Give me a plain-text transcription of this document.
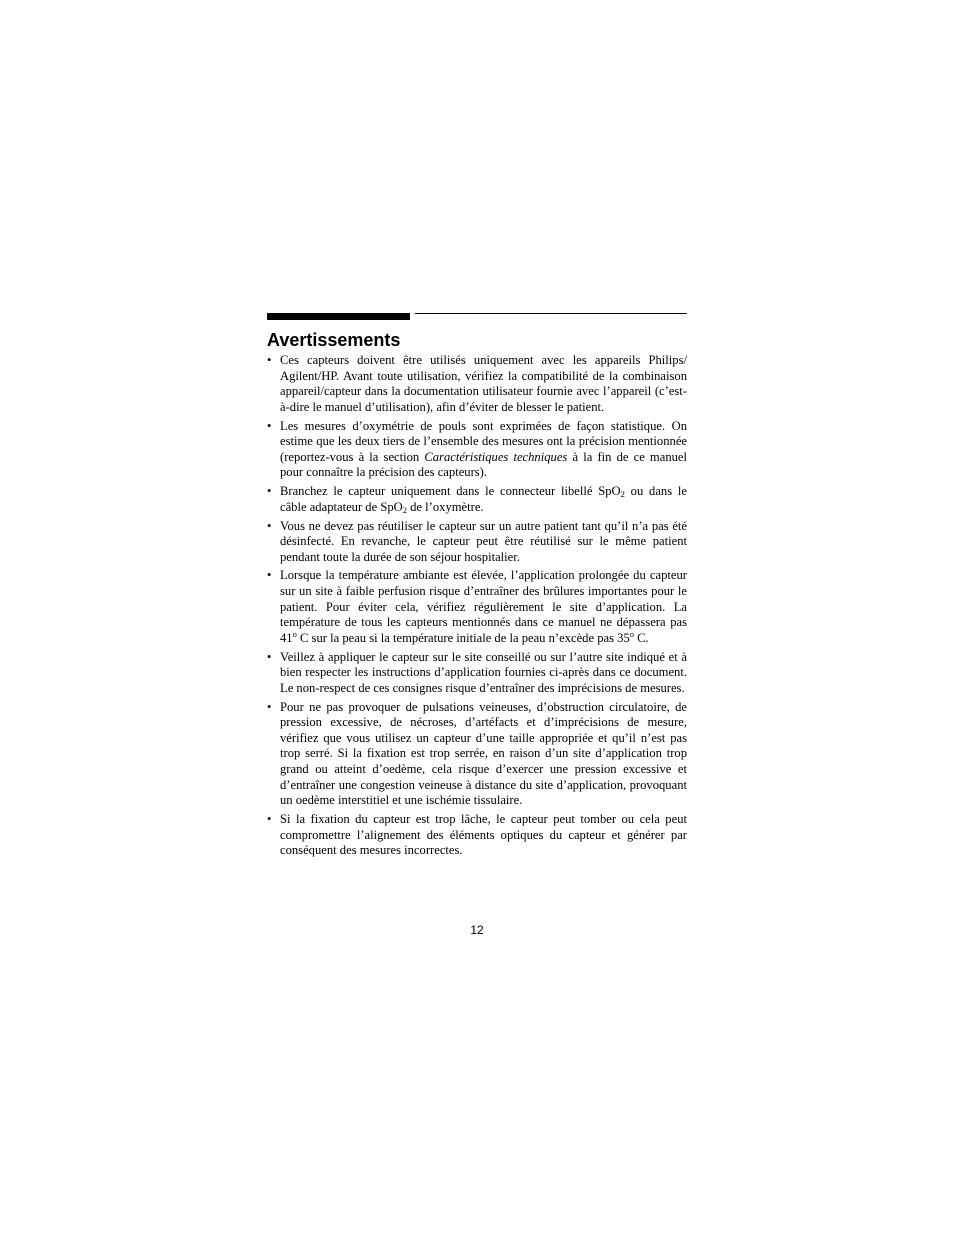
Avertissements
• Ces capteurs doivent être utilisés uniquement avec les appareils Philips/ Agilent/HP. Avant toute utilisation, vérifiez la compatibilité de la combinaison appareil/capteur dans la documentation utilisateur fournie avec l’appareil (c’est-à-dire le manuel d’utilisation), afin d’éviter de blesser le patient.
• Les mesures d’oxymétrie de pouls sont exprimées de façon statistique. On estime que les deux tiers de l’ensemble des mesures ont la précision mentionnée (reportez-vous à la section Caractéristiques techniques à la fin de ce manuel pour connaître la précision des capteurs).
• Branchez le capteur uniquement dans le connecteur libellé SpO$_2$ ou dans le câble adaptateur de SpO$_2$ de l’oxymètre.
• Vous ne devez pas réutiliser le capteur sur un autre patient tant qu’il n’a pas été désinfecté. En revanche, le capteur peut être réutilisé sur le même patient pendant toute la durée de son séjour hospitalier.
• Lorsque la température ambiante est élevée, l’application prolongée du capteur sur un site à faible perfusion risque d’entraîner des brûlures importantes pour le patient. Pour éviter cela, vérifiez régulièrement le site d’application. La température de tous les capteurs mentionnés dans ce manuel ne dépassera pas 41$^o$ C sur la peau si la température initiale de la peau n’excède pas 35$^o$ C.
• Veillez à appliquer le capteur sur le site conseillé ou sur l’autre site indiqué et à bien respecter les instructions d’application fournies ci-après dans ce document. Le non-respect de ces consignes risque d’entraîner des imprécisions de mesures.
• Pour ne pas provoquer de pulsations veineuses, d’obstruction circulatoire, de pression excessive, de nécroses, d’artéfacts et d’imprécisions de mesure, vérifiez que vous utilisez un capteur d’une taille appropriée et qu’il n’est pas trop serré. Si la fixation est trop serrée, en raison d’un site d’application trop grand ou atteint d’oedème, cela risque d’exercer une pression excessive et d’entraîner une congestion veineuse à distance du site d’application, provoquant un oedème interstitiel et une ischémie tissulaire.
• Si la fixation du capteur est trop lâche, le capteur peut tomber ou cela peut compromettre l’alignement des éléments optiques du capteur et générer par conséquent des mesures incorrectes.
12
